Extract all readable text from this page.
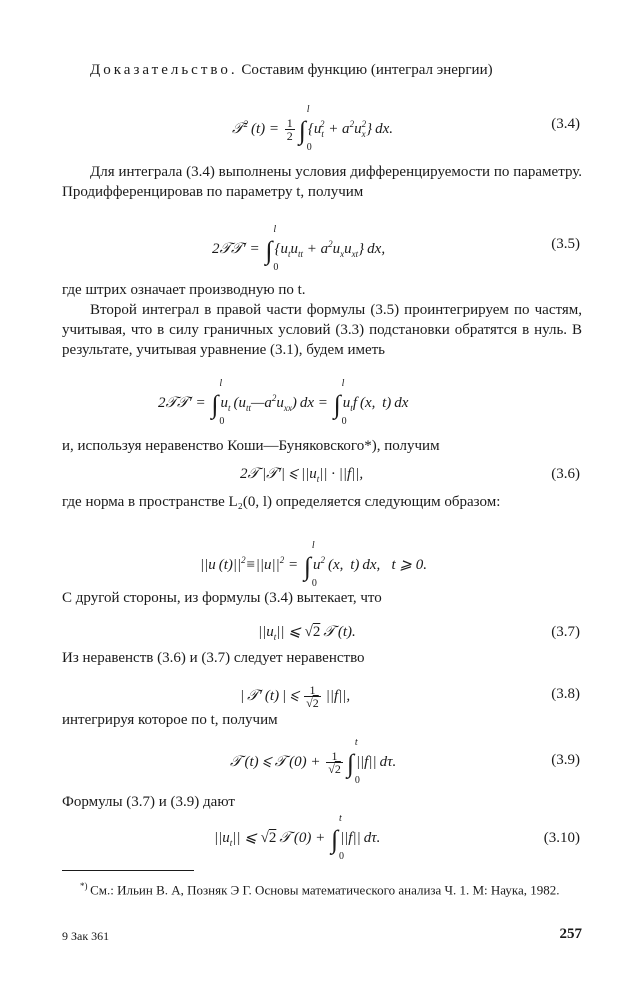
Доказательство. Составим функцию (интеграл энергии)

𝒯$^2$ $(t) = \frac{1}{2}$ ∫
l
0
$\{u_t^2 + a^2u_x^2\}$ dx.	(3.4)

Для интеграла (3.4) выполнены условия дифференцируемости по параметру. Продифференцировав по параметру t, получим

2𝒯𝒯′ = ∫
l
0
$\{u_tu_{tt} + a^2u_xu_{xt}\}$ dx,	(3.5)

где штрих означает производную по t.

Второй интеграл в правой части формулы (3.5) проинтегрируем по частям, учитывая, что в силу граничных условий (3.3) подстановки обратятся в нуль. В результате, учитывая уравнение (3.1), будем иметь

2𝒯𝒯′ = ∫
l
0
$u_t$ $(u_{tt}—a^2u_{xx})$ dx = ∫
l
0
$u_tf$ (x,  t) dx

и, используя неравенство Коши—Буняковского*), получим

2𝒯 |𝒯′| ⩽ $||u_t|| \cdot ||f||$,	(3.6)

где норма в пространстве L₂(0, l) определяется следующим образом:

||u $(t)||^2\equiv||u||^2$ = ∫
l
0
$u^2$ (x,  t) dx,  t ⩾ 0.

С другой стороны, из формулы (3.4) вытекает, что

$||u_t||$ ⩽ √2 𝒯 (t).	(3.7)

Из неравенств (3.6) и (3.7) следует неравенство

| 𝒯′ (t) | ⩽ $\frac{1}{√2} ||f||$,	(3.8)

интегрируя которое по t, получим

𝒯 (t) ⩽ 𝒯 $(0) + \frac{1}{√2}$ ∫
t
0
||f|| dτ.	(3.9)

Формулы (3.7) и (3.9) дают

$||u_t||$ ⩽ √2 𝒯 (0) + ∫
t
0
||f|| dτ.	(3.10)
*)  См.: Ильин В. А, Позняк Э Г. Основы математического анализа Ч. 1. М: Наука, 1982.
9 Зак 361	257
